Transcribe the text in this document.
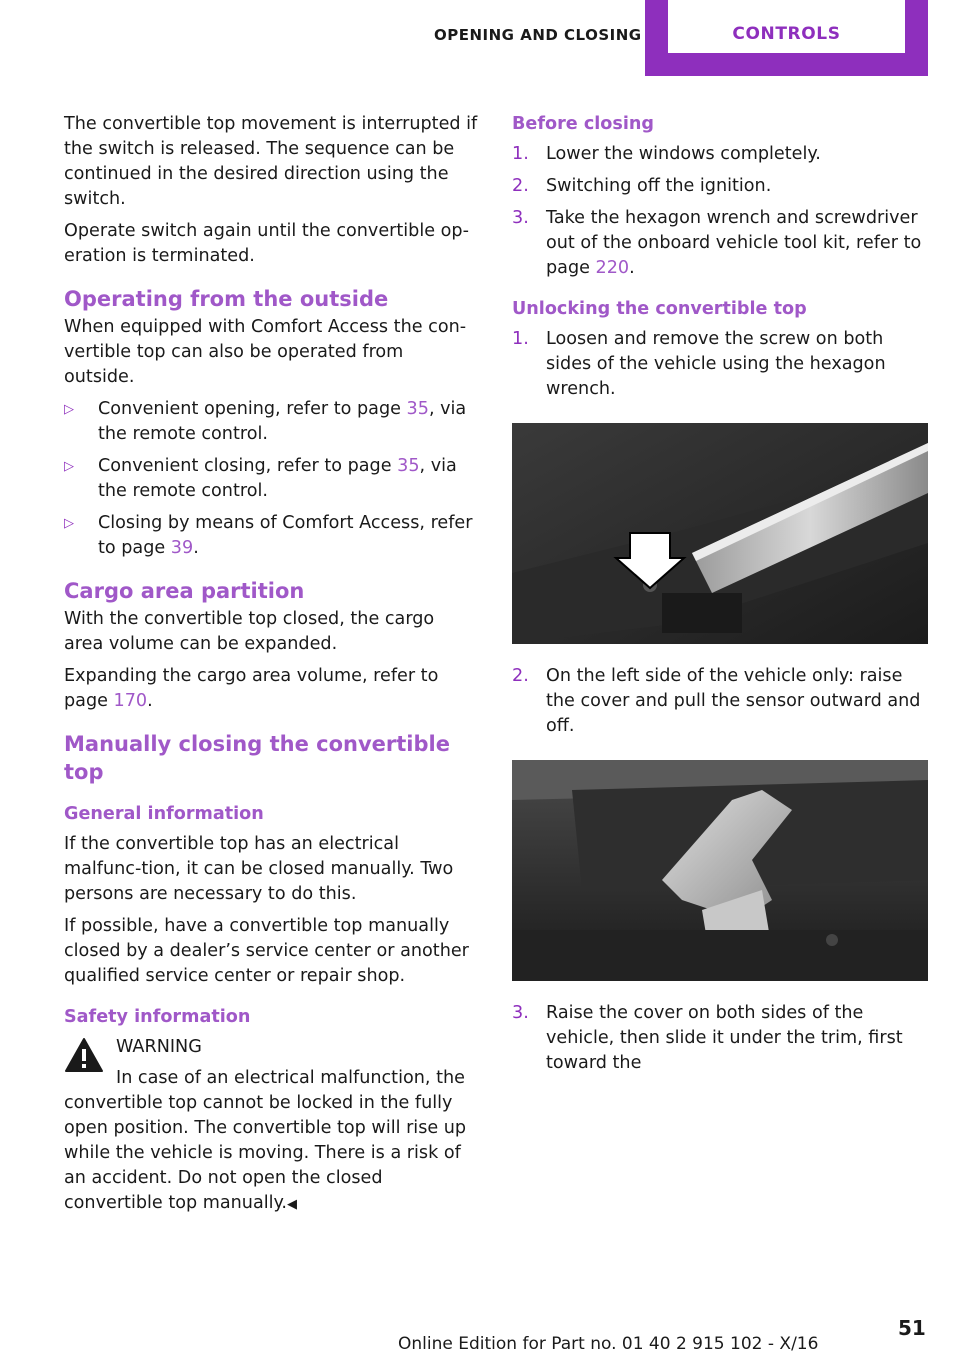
OPENING AND CLOSING	CONTROLS

The convertible top movement is interrupted if the switch is released. The sequence can be continued in the desired direction using the switch.

Operate switch again until the convertible op‐eration is terminated.

Operating from the outside

When equipped with Comfort Access the con‐vertible top can also be operated from outside.

▷ Convenient opening, refer to page 35, via the remote control.
▷ Convenient closing, refer to page 35, via the remote control.
▷ Closing by means of Comfort Access, refer to page 39.
Cargo area partition

With the convertible top closed, the cargo area volume can be expanded.

Expanding the cargo area volume, refer to page 170.

Manually closing the convertible top
General information

If the convertible top has an electrical malfunc‐tion, it can be closed manually. Two persons are necessary to do this.

If possible, have a convertible top manually closed by a dealer’s service center or another qualified service center or repair shop.

Safety information
WARNING
In case of an electrical malfunction, the
convertible top cannot be locked in the fully open position. The convertible top will rise up while the vehicle is moving. There is a risk of an accident. Do not open the closed convertible top manually.◀
Before closing
1. Lower the windows completely.
2. Switching off the ignition.
3. Take the hexagon wrench and screwdriver out of the onboard vehicle tool kit, refer to page 220.
Unlocking the convertible top
1. Loosen and remove the screw on both sides of the vehicle using the hexagon wrench.
2. On the left side of the vehicle only: raise the cover and pull the sensor outward and off.
3. Raise the cover on both sides of the vehicle, then slide it under the trim, first toward the
Online Edition for Part no. 01 40 2 915 102 - X/16
51
